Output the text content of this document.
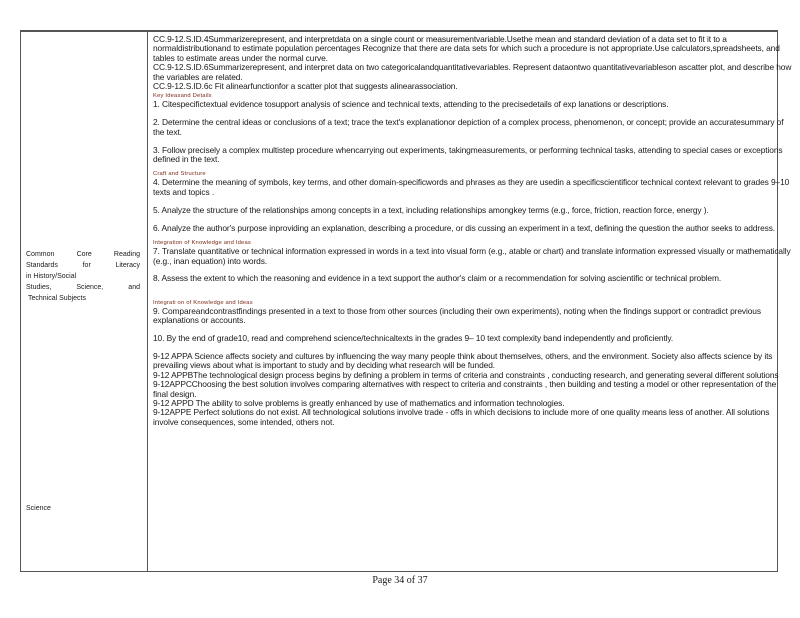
Common Core Reading

Standards for Literacy

in History/Social

Studies, Science, and

Technical Subjects

Science

CC.9-12.S.ID.4Summarizerepresent, and interpretdata on a single count or measurementvariable.Usethe mean and standard deviation of a data set to fit it to a normaldistributionand to estimate population percentages Recognize that there are data sets for which such a procedure is not appropriate.Use calculators,spreadsheets, and tables to estimate areas under the normal curve.

CC.9-12.S.ID.6Summarizerepresent, and interpret data on two categoricalandquantitativevariables. Represent dataontwo quantitativevariableson ascatter plot, and describe how the variables are related.

CC.9-12.S.ID.6c Fit alinearfunctionfor a scatter plot that suggests alinearassociation.

Key Ideasand Details

1. Citespecifictextual evidence tosupport analysis of science and technical texts, attending to the precisedetails of exp lanations or descriptions.

2. Determine the central ideas or conclusions of a text; trace the text's explanationor depiction of a complex process, phenomenon, or concept; provide an accuratesummary of the text.

3. Follow precisely a complex multistep procedure whencarrying out experiments, takingmeasurements, or performing technical tasks, attending to special cases or exceptions defined in the text.

Craft and Structure

4. Determine the meaning of symbols, key terms, and other domain-specificwords and phrases as they are usedin a specificscientificor technical context relevant to grades 9–10 texts and topics .

5. Analyze the structure of the relationships among concepts in a text, including relationships amongkey terms (e.g., force, friction, reaction force, energy ).

6. Analyze the author's purpose inproviding an explanation, describing a procedure, or dis cussing an experiment in a text, defining the question the author seeks to address.

Integration of Knowledge and Ideas

7. Translate quantitative or technical information expressed in words in a text into visual form (e.g., atable or chart) and translate information expressed visually or mathematically (e.g., inan equation) into words.

8. Assess the extent to which the reasoning and evidence in a text support the author's claim or a recommendation for solving ascientific or technical problem.

Integrati on of Knowledge and Ideas

9. Compareandcontrastfindings presented in a text to those from other sources (including their own experiments), noting when the findings support or contradict previous explanations or accounts.

10. By the end of grade10, read and comprehend science/technicaltexts in the grades 9– 10 text complexity band independently and proficiently.

9-12 APPA Science affects society and cultures by influencing the way many people think about themselves, others, and the environment. Society also affects science by its prevailing views about what is important to study and by deciding what research will be funded.

9-12 APPBThe technological design process begins by defining a problem in terms of criteria and constraints , conducting research, and generating several different solutions

9-12APPCChoosing the best solution involves comparing alternatives with respect to criteria and constraints , then building and testing a model or other representation of the final design.

9-12 APPD The ability to solve problems is greatly enhanced by use of mathematics and information technologies.

9-12APPE Perfect solutions do not exist. All technological solutions involve trade - offs in which decisions to include more of one quality means less of another. All solutions involve consequences, some intended, others not.

Page 34 of 37
